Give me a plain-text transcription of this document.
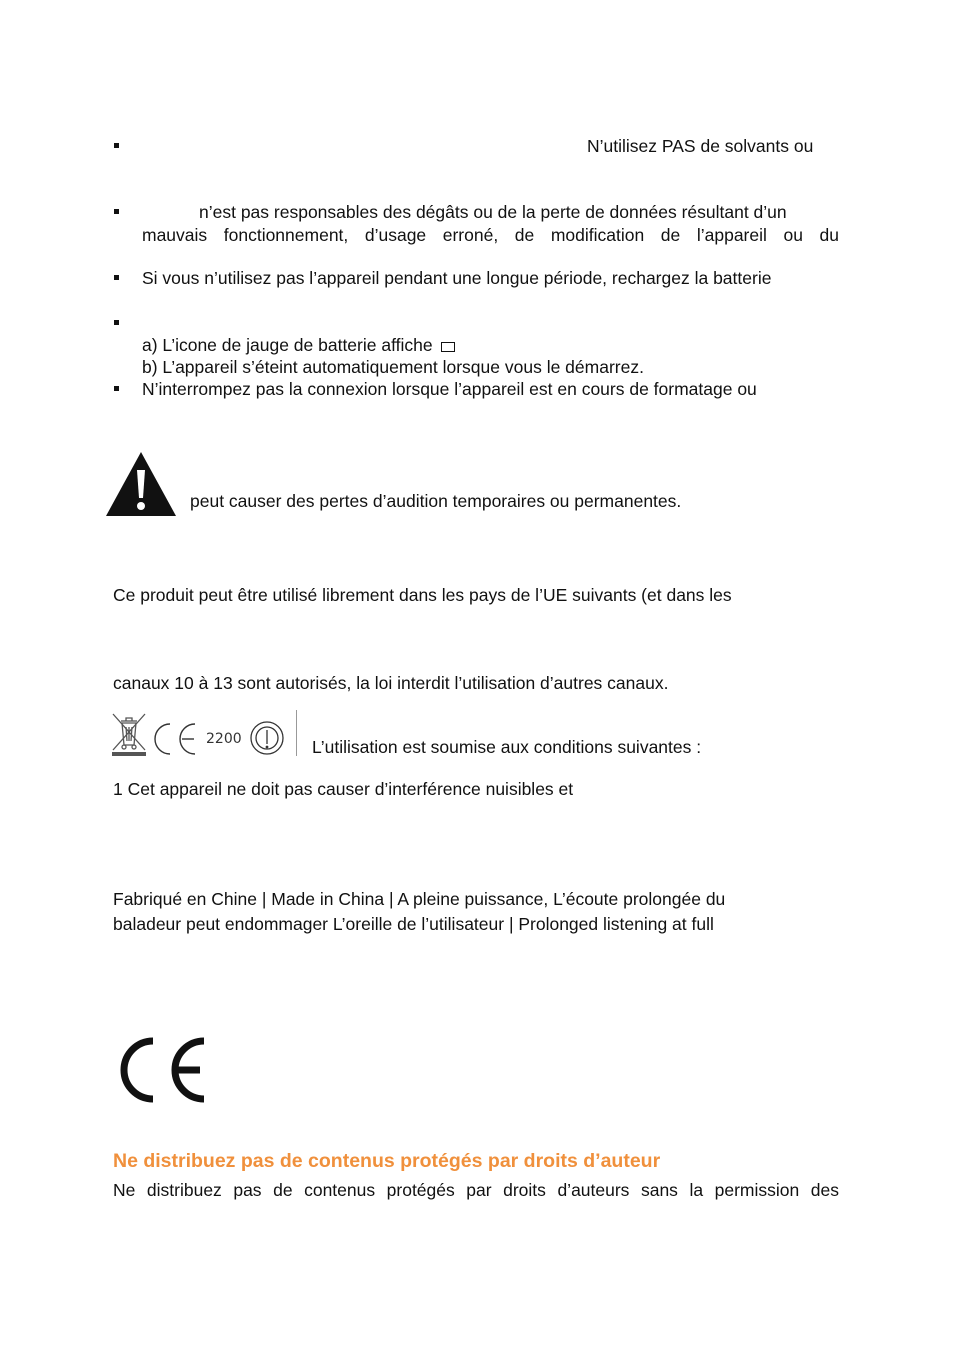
N’utilisez PAS de solvants ou
n’est pas responsables des dégâts ou de la perte de données résultant d’un
mauvais fonctionnement, d’usage erroné, de modification de l’appareil ou du
Si vous n’utilisez pas l’appareil pendant une longue période, rechargez la batterie
a) L’icone de jauge de batterie affiche
b) L’appareil s’éteint automatiquement lorsque vous le démarrez.
N’interrompez pas la connexion lorsque l’appareil est en cours de formatage ou
peut causer des pertes d’audition temporaires ou permanentes.
Ce produit peut être utilisé librement dans les pays de l’UE suivants (et dans les
canaux 10 à 13 sont autorisés, la loi interdit l’utilisation d’autres canaux.
2200	L’utilisation est soumise aux conditions suivantes :
1 Cet appareil ne doit pas causer d’interférence nuisibles et
Fabriqué en Chine | Made in China | A pleine puissance, L’écoute prolongée du
baladeur peut endommager L’oreille de l’utilisateur | Prolonged listening at full
Ne distribuez pas de contenus protégés par droits d’auteur
Ne distribuez pas de contenus protégés par droits d’auteurs sans la permission des
